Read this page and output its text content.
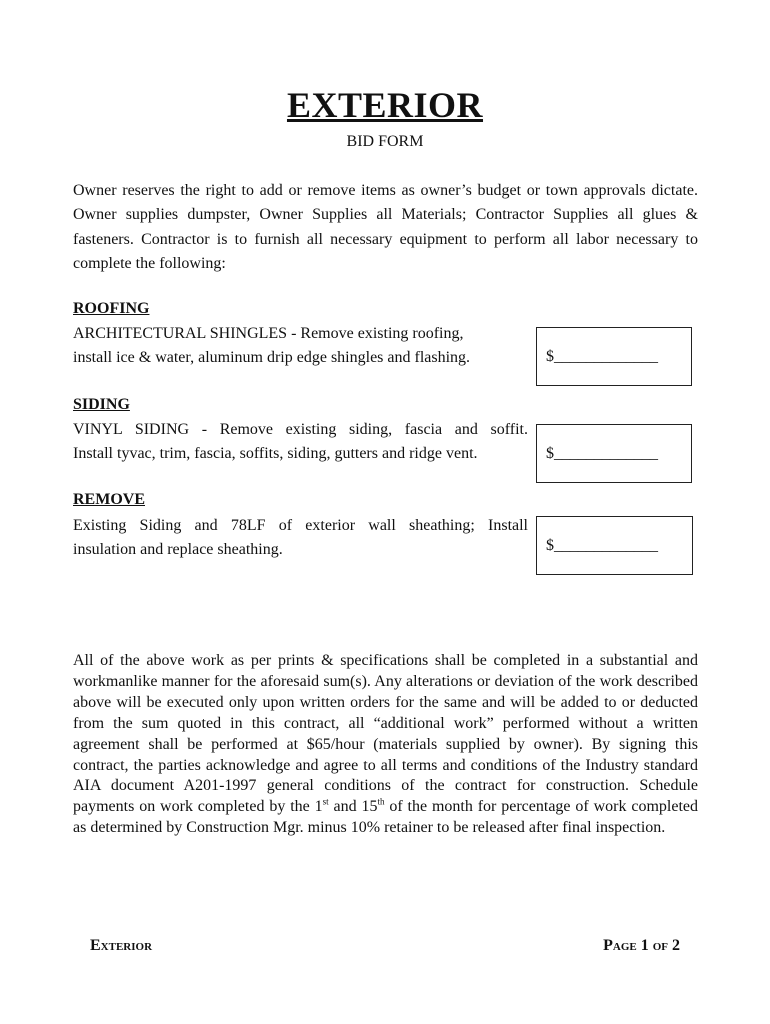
EXTERIOR
BID FORM
Owner reserves the right to add or remove items as owner’s budget or town approvals dictate. Owner supplies dumpster, Owner Supplies all Materials; Contractor Supplies all glues & fasteners. Contractor is to furnish all necessary equipment to perform all labor necessary to complete the following:
ROOFING
ARCHITECTURAL SHINGLES - Remove existing roofing,
install ice & water, aluminum drip edge shingles and flashing.	$_____________
SIDING
VINYL SIDING - Remove existing siding, fascia and soffit.
Install tyvac, trim, fascia, soffits, siding, gutters and ridge vent.	$_____________
REMOVE
Existing Siding and 78LF of exterior wall sheathing; Install
insulation and replace sheathing.	$_____________
All of the above work as per prints & specifications shall be completed in a substantial and workmanlike manner for the aforesaid sum(s). Any alterations or deviation of the work described above will be executed only upon written orders for the same and will be added to or deducted from the sum quoted in this contract, all “additional work” performed without a written agreement shall be performed at $65/hour (materials supplied by owner). By signing this contract, the parties acknowledge and agree to all terms and conditions of the Industry standard AIA document A201-1997 general conditions of the contract for construction. Schedule payments on work completed by the 1st and 15th of the month for percentage of work completed as determined by Construction Mgr. minus 10% retainer to be released after final inspection.
Exterior	Page 1 of 2
